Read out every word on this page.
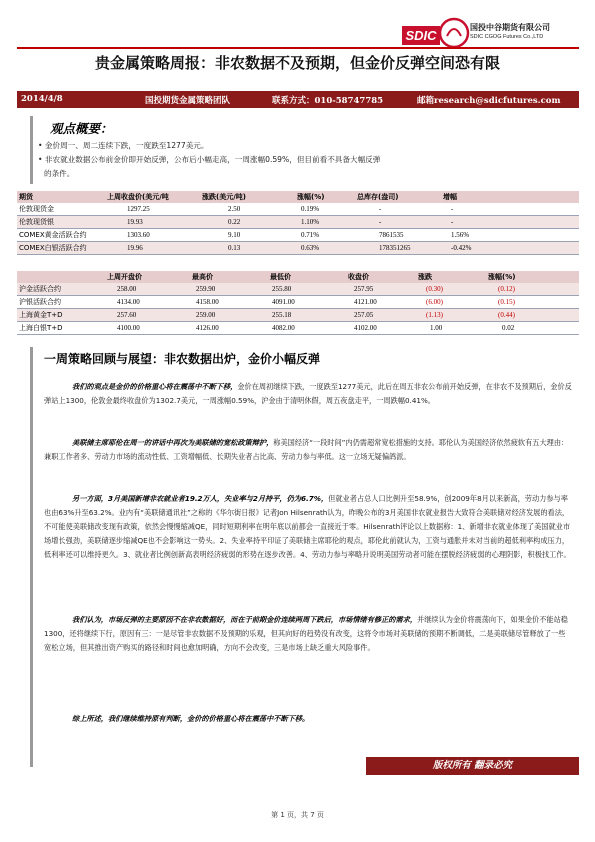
SDIC
国投中谷期货有限公司
SDIC CGOG Futures Co.,LTD
贵金属策略周报：非农数据不及预期，但金价反弹空间恐有限
2014/4/8	国投期货金属策略团队	联系方式：010-58747785	邮箱research@sdicfutures.com
观点概要：
• 金价周一、周二连续下跌，一度跌至1277美元。
• 非农就业数据公布前金价即开始反弹，公布后小幅走高，一周涨幅0.59%，但目前看不具备大幅反弹
的条件。
期货	上周收盘价(美元/吨	涨跌(美元/吨)	涨幅(%)	总库存(盎司)	增幅
伦敦现货金	1297.25	2.50	0.19%	-	-
伦敦现货银	19.93	0.22	1.10%	-	-
COMEX黄金活跃合约	1303.60	9.10	0.71%	7861535	1.56%
COMEX白银活跃合约	19.96	0.13	0.63%	178351265	-0.42%
	上周开盘价	最高价	最低价	收盘价	涨跌	涨幅(%)
沪金活跃合约	258.00	259.90	255.80	257.95	(0.30)	(0.12)
沪银活跃合约	4134.00	4158.00	4091.00	4121.00	(6.00)	(0.15)
上海黄金T+D	257.60	259.00	255.18	257.05	(1.13)	(0.44)
上海白银T+D	4100.00	4126.00	4082.00	4102.00	1.00	0.02
一周策略回顾与展望：非农数据出炉，金价小幅反弹
我们的观点是金价的价格重心将在震荡中不断下移，金价在周初继续下跌，一度跌至1277美元，此后在周五非农公布前开始反弹，在非农不及预期后，金价反弹站上1300，伦敦金最终收盘价为1302.7美元，一周涨幅0.59%，沪金由于清明休假，周五夜盘走平，一周跌幅0.41%。
美联储主席耶伦在周一的讲话中再次为美联储的宽松政策辩护，称美国经济“一段时间”内仍需超常宽松措施的支持。耶伦认为美国经济依然疲软有五大理由：兼职工作者多、劳动力市场的流动性低、工资增幅低、长期失业者占比高、劳动力参与率低。这一立场无疑偏鸽派。
另一方面，3月美国新增非农就业者19.2万人，失业率与2月持平，仍为6.7%，但就业者占总人口比例升至58.9%，创2009年8月以来新高，劳动力参与率也由63%升至63.2%。业内有“美联储通讯社”之称的《华尔街日报》记者Jon Hilsenrath认为，昨晚公布的3月美国非农就业报告大致符合美联储对经济发展的看法，不可能使美联储改变现有政策，依然会慢慢缩减QE，同时短期利率在明年底以前都会一直接近于零。Hilsenrath评论以上数据称：1、新增非农就业体现了美国就业市场增长强劲，美联储逐步缩减QE也不会影响这一势头。2、失业率持平印证了美联储主席耶伦的观点，耶伦此前就认为，工资与通胀并未对当前的超低利率构成压力，低利率还可以维持更久。3、就业者比例创新高表明经济疲弱的形势在逐步改善。4、劳动力参与率略升说明美国劳动者可能在摆脱经济疲弱的心理阴影，积极找工作。
我们认为，市场反弹的主要原因不在非农数据好，而在于前期金价连续两周下跌后，市场情绪有修正的需求，并继续认为金价将震荡向下，如果金价不能站稳1300，还将继续下行，原因有三：一是尽管非农数据不及预期的乐观，但其向好的趋势没有改变，这将令市场对美联储的预期不断调低，二是美联储尽管释放了一些宽松立场，但其推出资产购买的路径和时间也愈加明确，方向不会改变，三是市场上缺乏重大风险事件。
综上所述，我们继续维持原有判断，金价的价格重心将在震荡中不断下移。
版权所有 翻录必究
第 1 页，共 7 页
